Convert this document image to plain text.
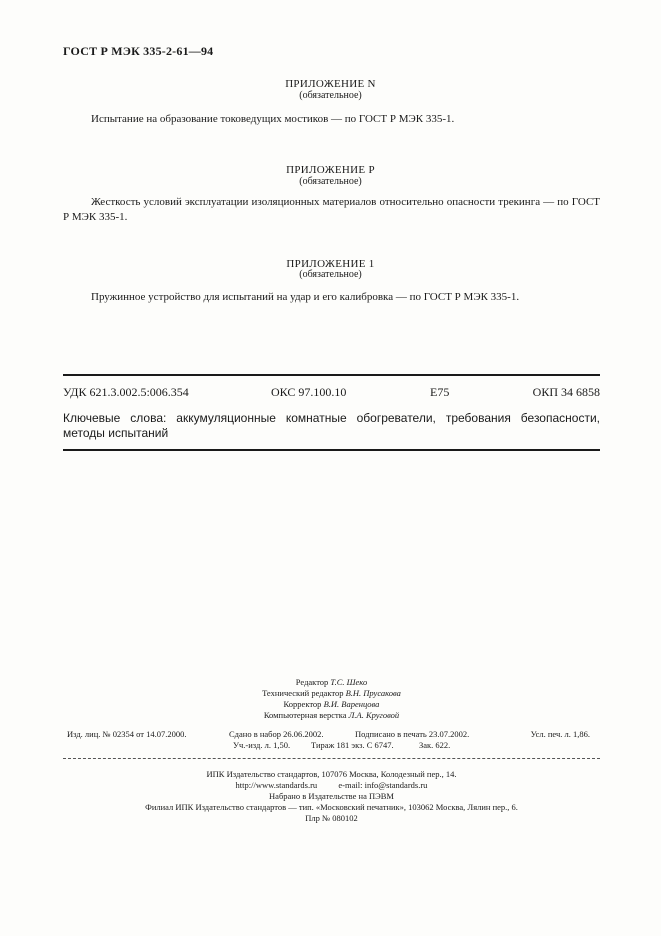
ГОСТ Р МЭК 335-2-61—94
ПРИЛОЖЕНИЕ N
(обязательное)
Испытание на образование токоведущих мостиков — по ГОСТ Р МЭК 335-1.
ПРИЛОЖЕНИЕ Р
(обязательное)
Жесткость условий эксплуатации изоляционных материалов относительно опасности трекинга — по ГОСТ Р МЭК 335-1.
ПРИЛОЖЕНИЕ 1
(обязательное)
Пружинное устройство для испытаний на удар и его калибровка — по ГОСТ Р МЭК 335-1.
УДК 621.3.002.5:006.354	ОКС 97.100.10	Е75	ОКП 34 6858
Ключевые слова: аккумуляционные комнатные обогреватели, требования безопасности, методы испытаний
Редактор Т.С. Шеко
Технический редактор В.Н. Прусакова
Корректор В.И. Варенцова
Компьютерная верстка Л.А. Круговой
Изд. лиц. № 02354 от 14.07.2000.	Сдано в набор 26.06.2002.	Подписано в печать 23.07.2002.	Усл. печ. л. 1,86.
Уч.-изд. л. 1,50. Тираж 181 экз. С 6747.	Зак. 622.
ИПК Издательство стандартов, 107076 Москва, Колодезный пер., 14.
http://www.standards.ru          e-mail: info@standards.ru
Набрано в Издательстве на ПЭВМ
Филиал ИПК Издательство стандартов — тип. «Московский печатник», 103062 Москва, Лялин пер., 6.
Плр № 080102
